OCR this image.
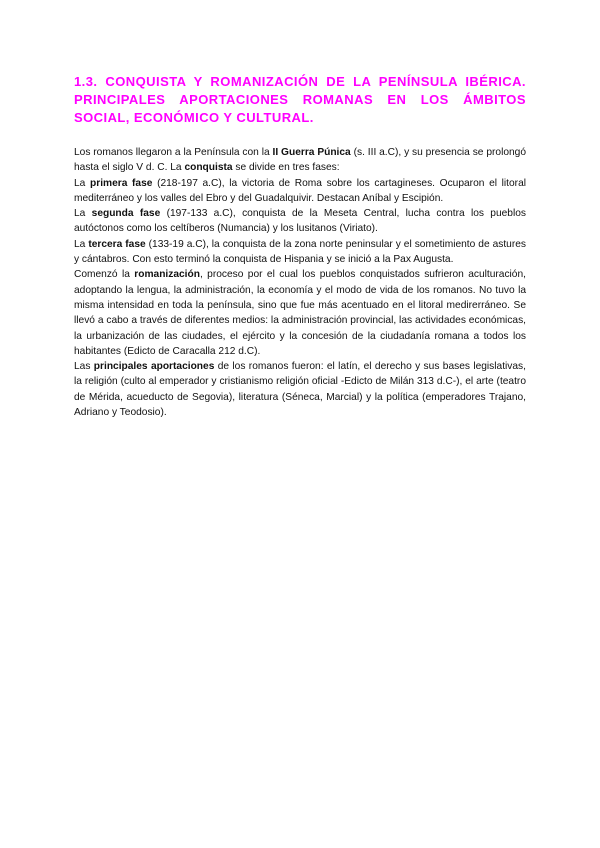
1.3. CONQUISTA Y ROMANIZACIÓN DE LA PENÍNSULA IBÉRICA. PRINCIPALES APORTACIONES ROMANAS EN LOS ÁMBITOS SOCIAL, ECONÓMICO Y CULTURAL.

Los romanos llegaron a la Península con la II Guerra Púnica (s. III a.C), y su presencia se prolongó hasta el siglo V d. C. La conquista se divide en tres fases:

La primera fase (218-197 a.C), la victoria de Roma sobre los cartagineses. Ocuparon el litoral mediterráneo y los valles del Ebro y del Guadalquivir. Destacan Aníbal y Escipión.

La segunda fase (197-133 a.C), conquista de la Meseta Central, lucha contra los pueblos autóctonos como los celtíberos (Numancia) y los lusitanos (Viriato).

La tercera fase (133-19 a.C), la conquista de la zona norte peninsular y el sometimiento de astures y cántabros. Con esto terminó la conquista de Hispania y se inició a la Pax Augusta.

Comenzó la romanización, proceso por el cual los pueblos conquistados sufrieron aculturación, adoptando la lengua, la administración, la economía y el modo de vida de los romanos. No tuvo la misma intensidad en toda la península, sino que fue más acentuado en el litoral medirerráneo. Se llevó a cabo a través de diferentes medios: la administración provincial, las actividades económicas, la urbanización de las ciudades, el ejército y la concesión de la ciudadanía romana a todos los habitantes (Edicto de Caracalla 212 d.C).

Las principales aportaciones de los romanos fueron: el latín, el derecho y sus bases legislativas, la religión (culto al emperador y cristianismo religión oficial -Edicto de Milán 313 d.C-), el arte (teatro de Mérida, acueducto de Segovia), literatura (Séneca, Marcial) y la política (emperadores Trajano, Adriano y Teodosio).
